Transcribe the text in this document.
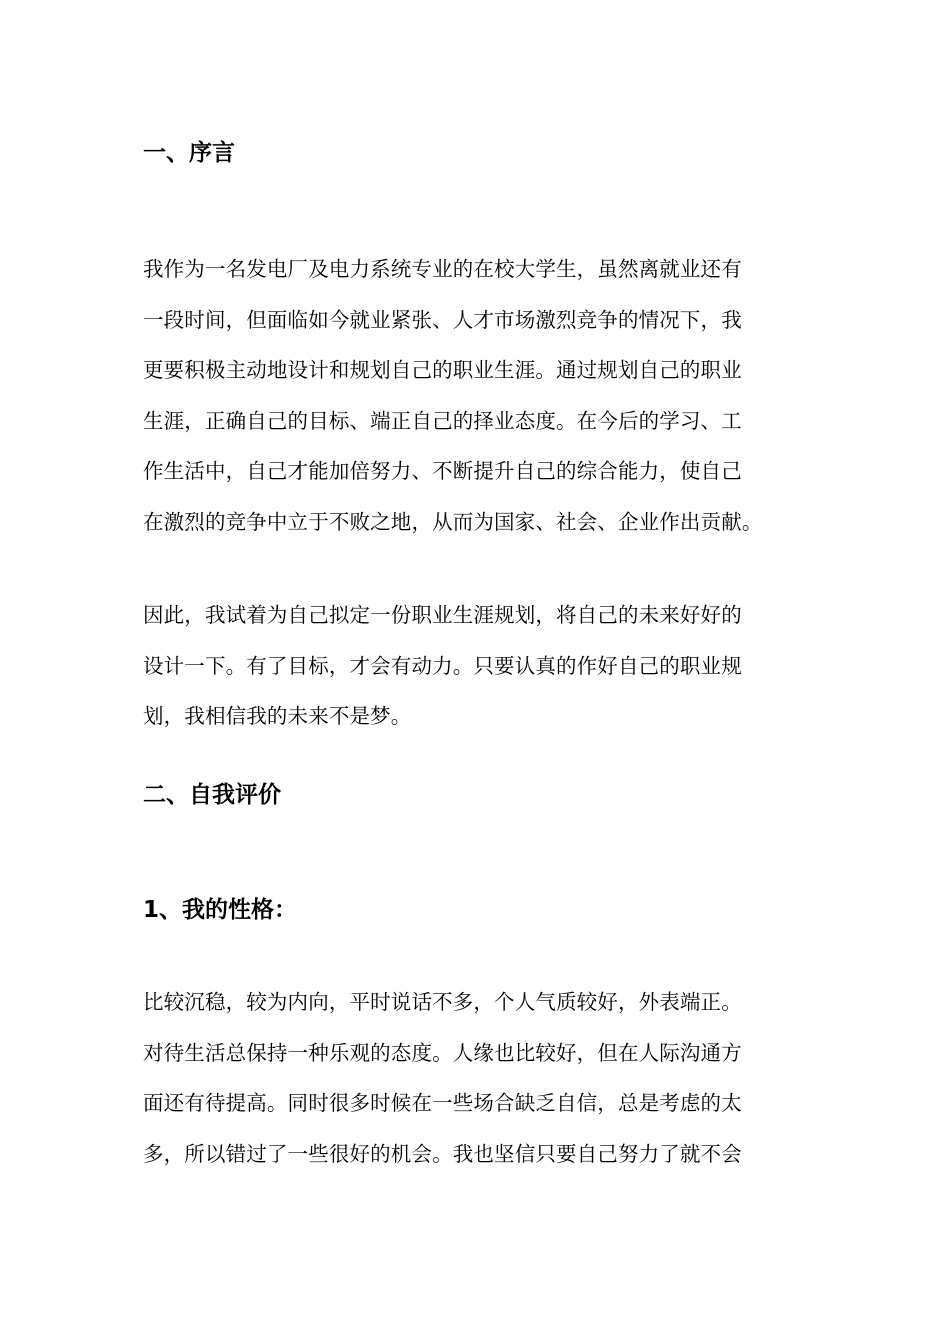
一、序言
我作为一名发电厂及电力系统专业的在校大学生，虽然离就业还有
一段时间，但面临如今就业紧张、人才市场激烈竞争的情况下，我
更要积极主动地设计和规划自己的职业生涯。通过规划自己的职业
生涯，正确自己的目标、端正自己的择业态度。在今后的学习、工
作生活中，自己才能加倍努力、不断提升自己的综合能力，使自己
在激烈的竞争中立于不败之地，从而为国家、社会、企业作出贡献。
因此，我试着为自己拟定一份职业生涯规划，将自己的未来好好的
设计一下。有了目标，才会有动力。只要认真的作好自己的职业规
划，我相信我的未来不是梦。
二、自我评价
1、我的性格：
比较沉稳，较为内向，平时说话不多，个人气质较好，外表端正。
对待生活总保持一种乐观的态度。人缘也比较好，但在人际沟通方
面还有待提高。同时很多时候在一些场合缺乏自信，总是考虑的太
多，所以错过了一些很好的机会。我也坚信只要自己努力了就不会
